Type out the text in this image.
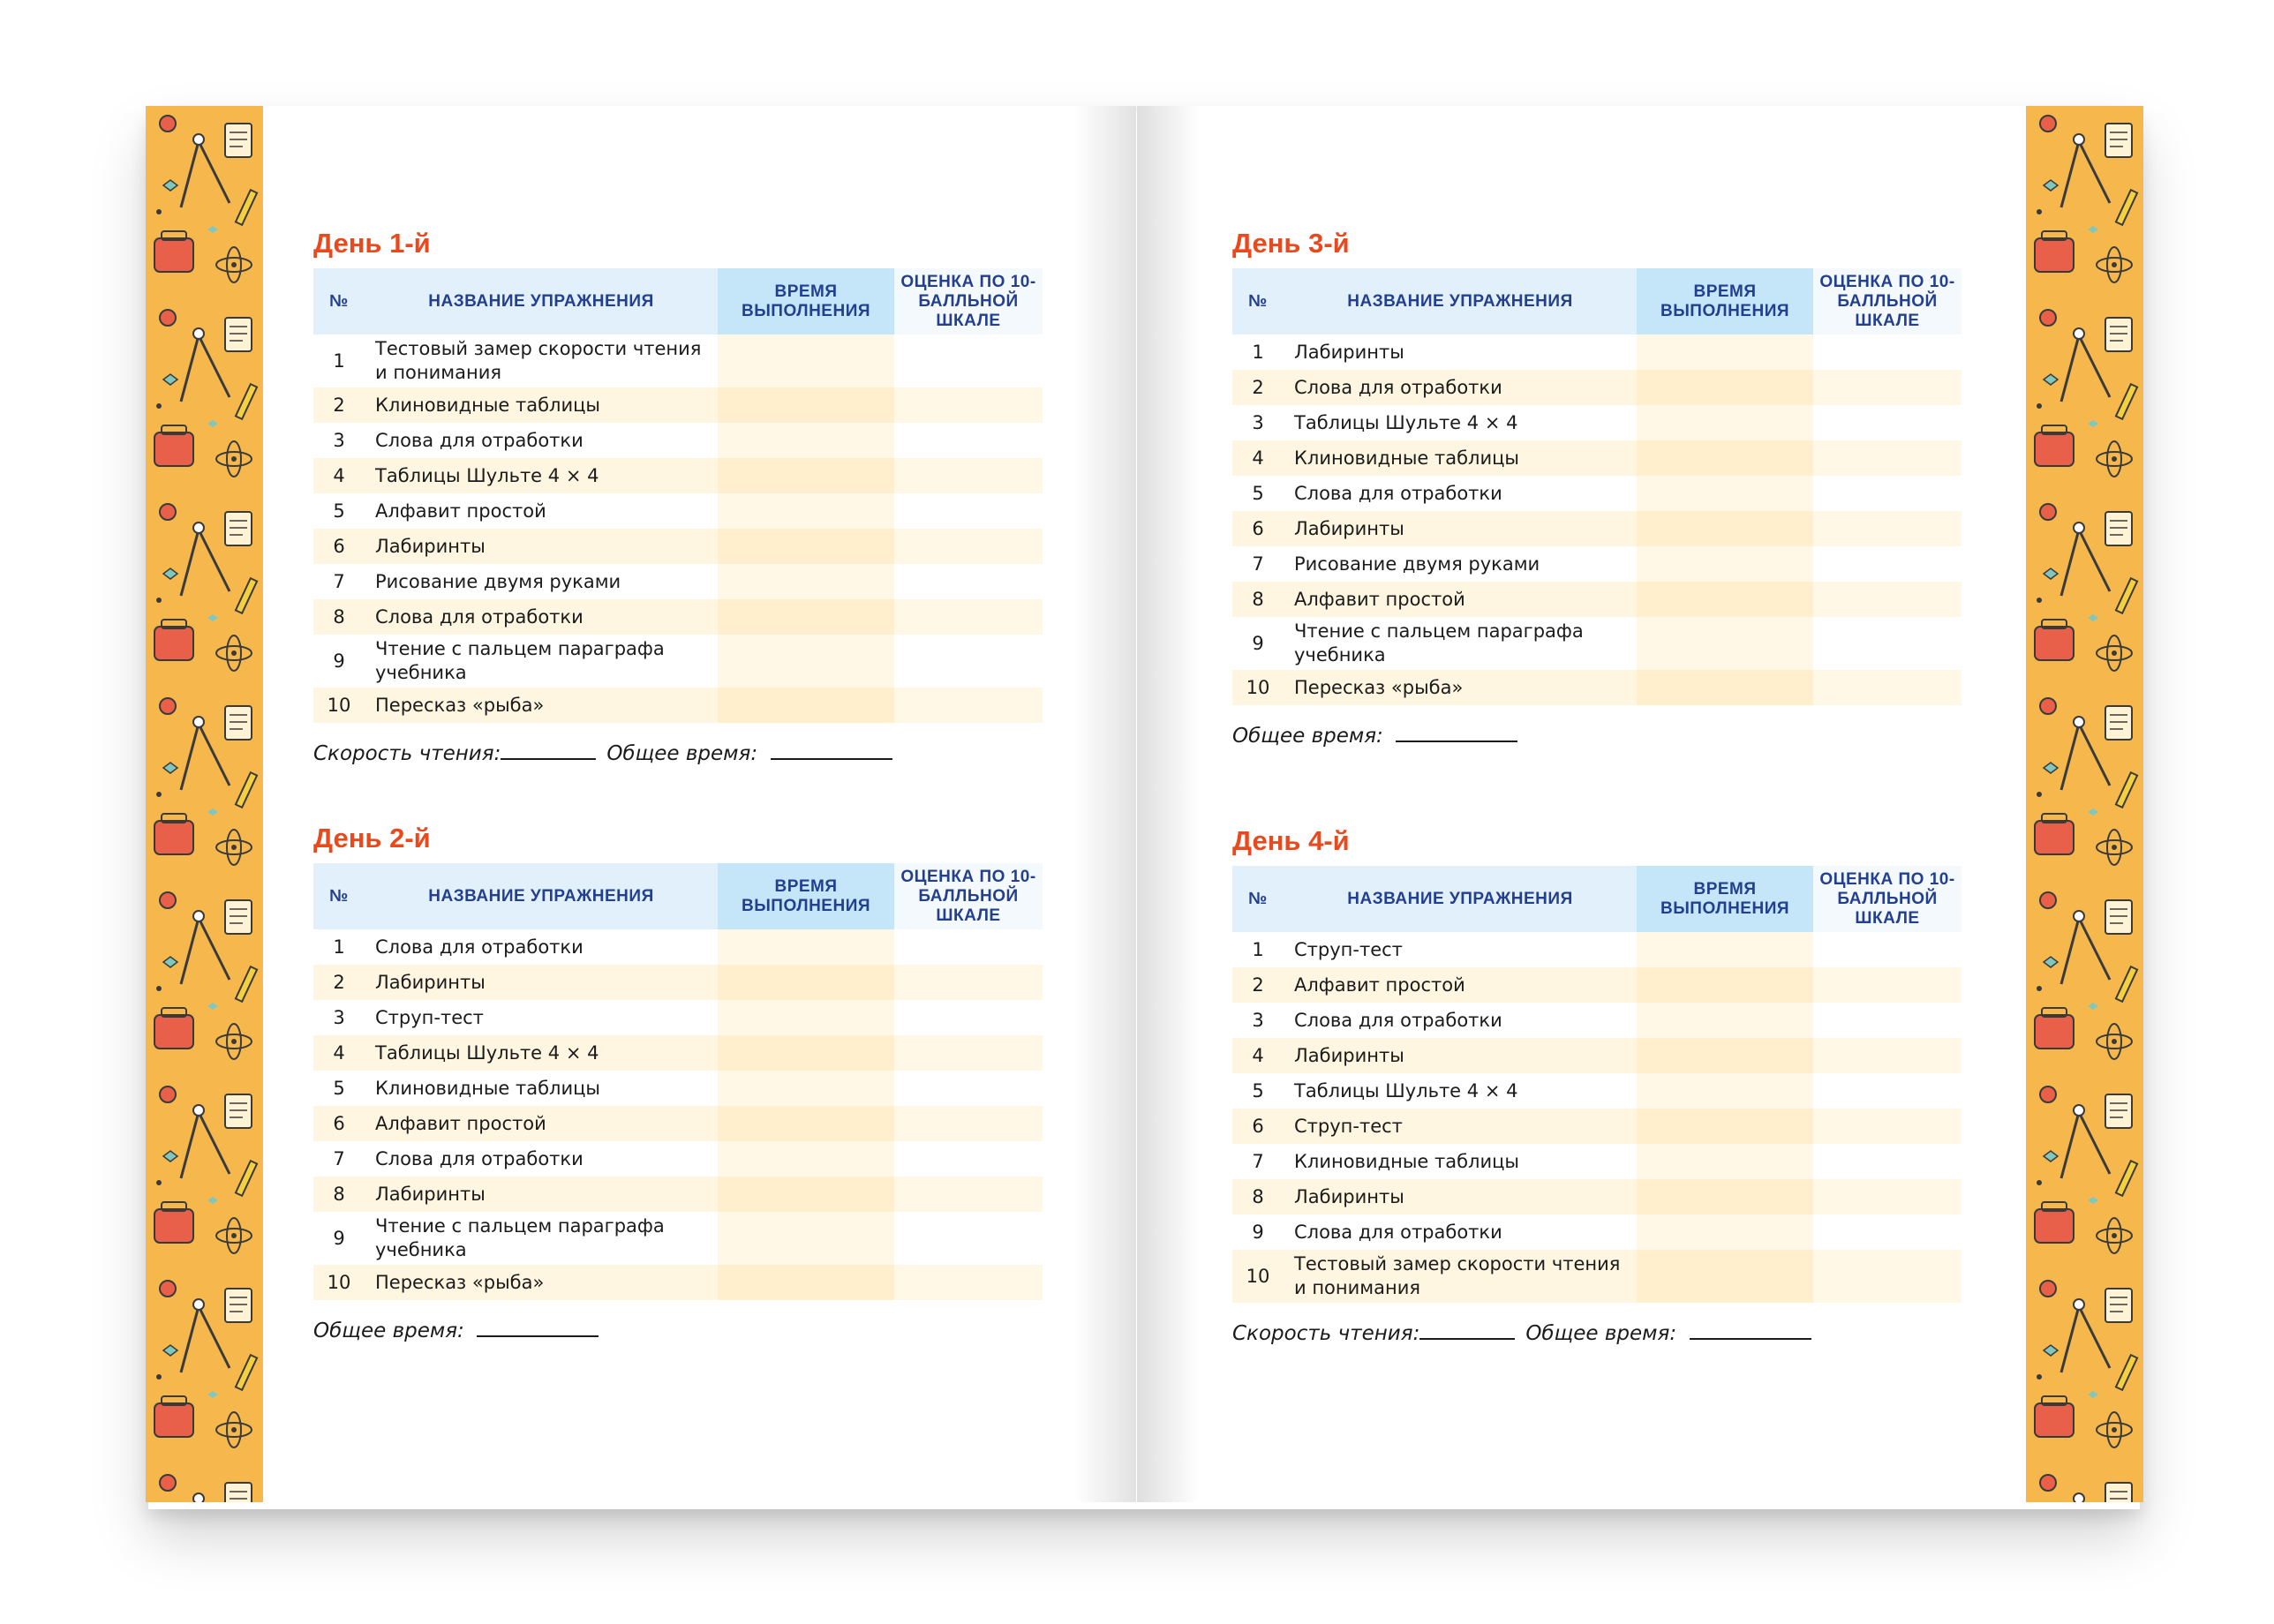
День 1-й
№	НАЗВАНИЕ УПРАЖНЕНИЯ	ВРЕМЯ ВЫПОЛНЕНИЯ	ОЦЕНКА ПО 10-БАЛЛЬНОЙ ШКАЛЕ
1	Тестовый замер скорости чтения и понимания		
2	Клиновидные таблицы		
3	Слова для отработки		
4	Таблицы Шульте 4 × 4		
5	Алфавит простой		
6	Лабиринты		
7	Рисование двумя руками		
8	Слова для отработки		
9	Чтение с пальцем параграфа учебника		
10	Пересказ «рыба»		
Скорость чтения:	Общее время:
День 2-й
№	НАЗВАНИЕ УПРАЖНЕНИЯ	ВРЕМЯ ВЫПОЛНЕНИЯ	ОЦЕНКА ПО 10-БАЛЛЬНОЙ ШКАЛЕ
1	Слова для отработки		
2	Лабиринты		
3	Струп-тест		
4	Таблицы Шульте 4 × 4		
5	Клиновидные таблицы		
6	Алфавит простой		
7	Слова для отработки		
8	Лабиринты		
9	Чтение с пальцем параграфа учебника		
10	Пересказ «рыба»		
Общее время:
День 3-й
№	НАЗВАНИЕ УПРАЖНЕНИЯ	ВРЕМЯ ВЫПОЛНЕНИЯ	ОЦЕНКА ПО 10-БАЛЛЬНОЙ ШКАЛЕ
1	Лабиринты		
2	Слова для отработки		
3	Таблицы Шульте 4 × 4		
4	Клиновидные таблицы		
5	Слова для отработки		
6	Лабиринты		
7	Рисование двумя руками		
8	Алфавит простой		
9	Чтение с пальцем параграфа учебника		
10	Пересказ «рыба»		
Общее время:
День 4-й
№	НАЗВАНИЕ УПРАЖНЕНИЯ	ВРЕМЯ ВЫПОЛНЕНИЯ	ОЦЕНКА ПО 10-БАЛЛЬНОЙ ШКАЛЕ
1	Струп-тест		
2	Алфавит простой		
3	Слова для отработки		
4	Лабиринты		
5	Таблицы Шульте 4 × 4		
6	Струп-тест		
7	Клиновидные таблицы		
8	Лабиринты		
9	Слова для отработки		
10	Тестовый замер скорости чтения и понимания		
Скорость чтения:	Общее время:
